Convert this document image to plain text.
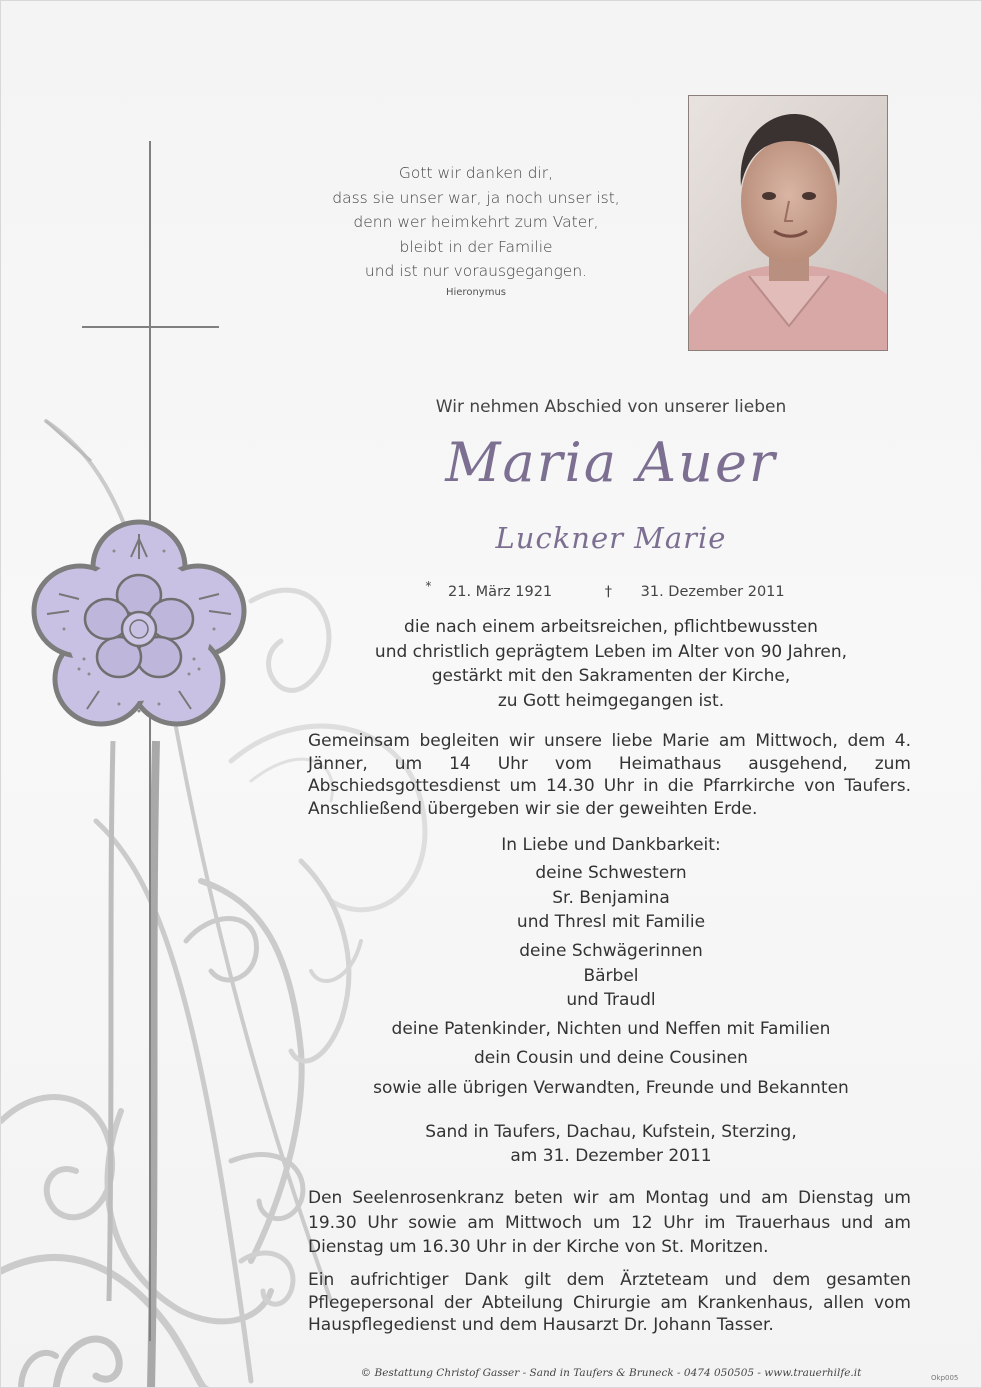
Gott wir danken dir,
dass sie unser war, ja noch unser ist,
denn wer heimkehrt zum Vater,
bleibt in der Familie
und ist nur vorausgegangen.
Hieronymus
Wir nehmen Abschied von unserer lieben
Maria Auer
Luckner Marie
* 21. März 1921	† 31. Dezember 2011
die nach einem arbeitsreichen, pflichtbewussten
und christlich geprägtem Leben im Alter von 90 Jahren,
gestärkt mit den Sakramenten der Kirche,
zu Gott heimgegangen ist.
Gemeinsam begleiten wir unsere liebe Marie am Mittwoch, dem 4. Jänner, um 14 Uhr vom Heimathaus ausgehend, zum Abschiedsgottesdienst um 14.30 Uhr in die Pfarrkirche von Taufers. Anschließend übergeben wir sie der geweihten Erde.
In Liebe und Dankbarkeit:
deine Schwestern
Sr. Benjamina
und Thresl mit Familie
deine Schwägerinnen
Bärbel
und Traudl
deine Patenkinder, Nichten und Neffen mit Familien
dein Cousin und deine Cousinen
sowie alle übrigen Verwandten, Freunde und Bekannten
Sand in Taufers, Dachau, Kufstein, Sterzing,
am 31. Dezember 2011
Den Seelenrosenkranz beten wir am Montag und am Dienstag um 19.30 Uhr sowie am Mittwoch um 12 Uhr im Trauerhaus und am Dienstag um 16.30 Uhr in der Kirche von St. Moritzen.
Ein aufrichtiger Dank gilt dem Ärzteteam und dem gesamten Pflegepersonal der Abteilung Chirurgie am Krankenhaus, allen vom Hauspflegedienst und dem Hausarzt Dr. Johann Tasser.
© Bestattung Christof Gasser - Sand in Taufers & Bruneck - 0474 050505 - www.trauerhilfe.it	Okp005
